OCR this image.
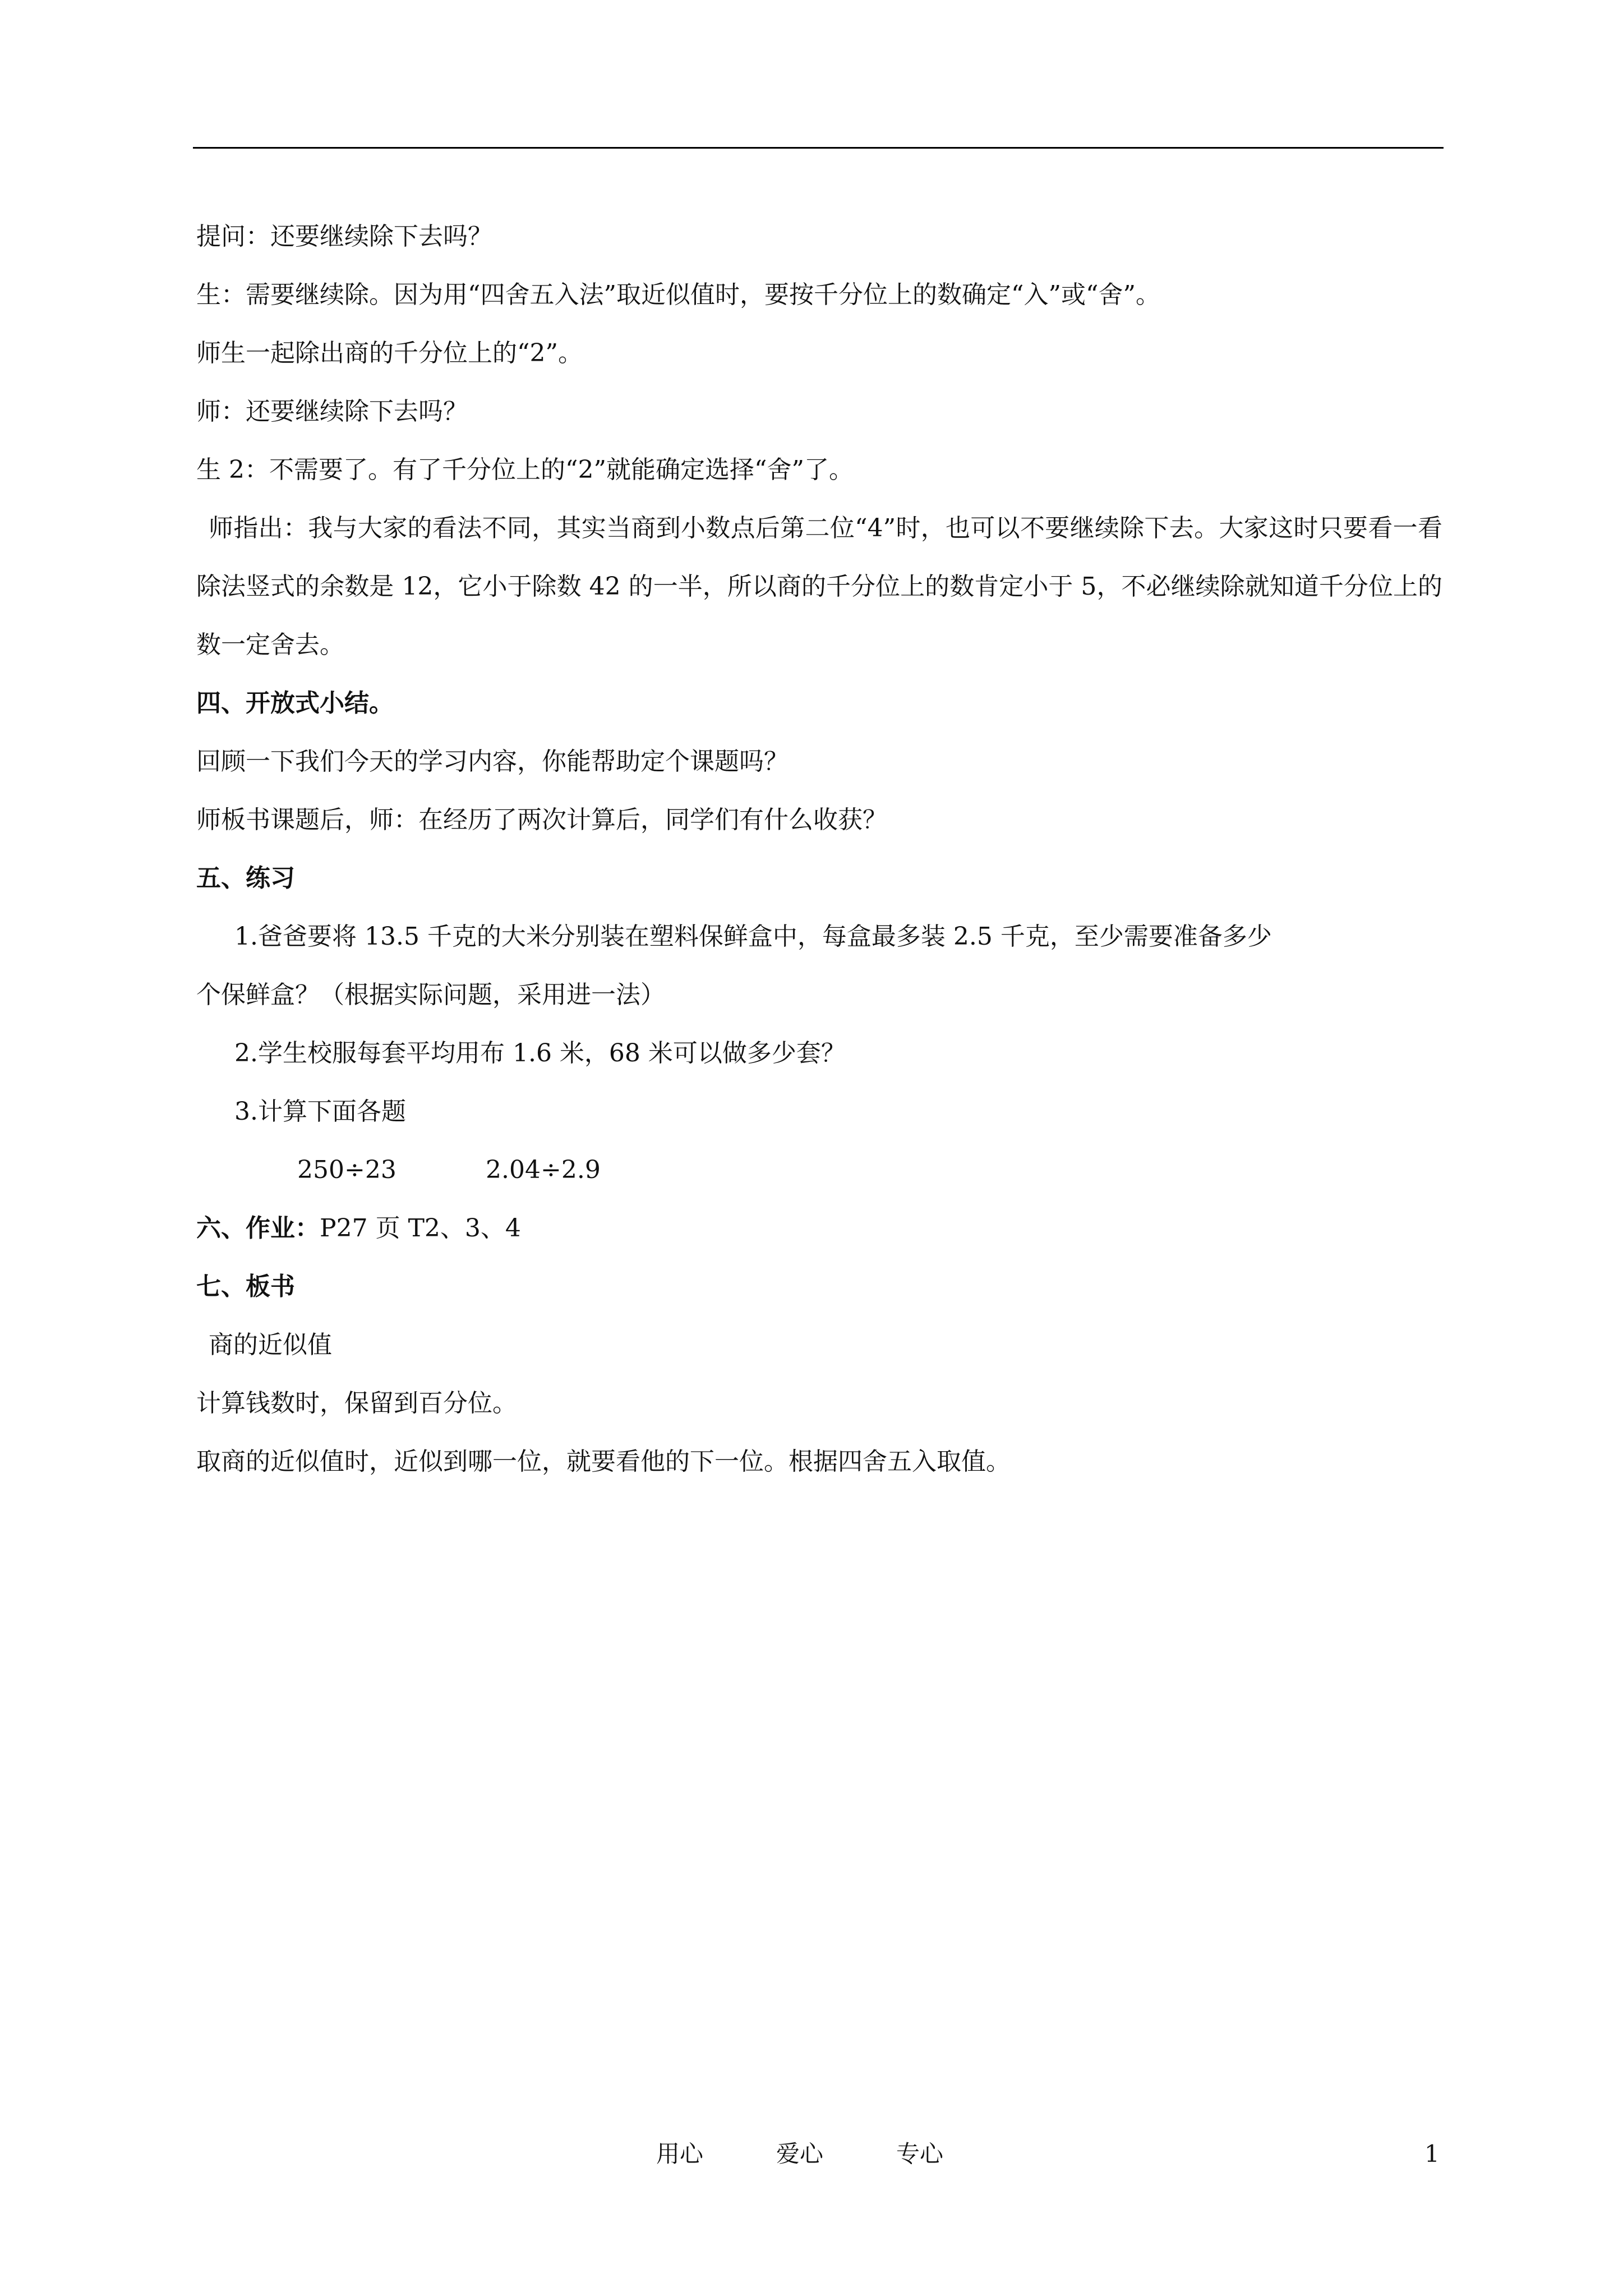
提问：还要继续除下去吗？

生：需要继续除。因为用“四舍五入法”取近似值时，要按千分位上的数确定“入”或“舍”。

师生一起除出商的千分位上的“2”。

师：还要继续除下去吗？

生 2：不需要了。有了千分位上的“2”就能确定选择“舍”了。

师指出：我与大家的看法不同，其实当商到小数点后第二位“4”时，也可以不要继续除下去。大家这时只要看一看除法竖式的余数是 12，它小于除数 42 的一半，所以商的千分位上的数肯定小于 5，不必继续除就知道千分位上的数一定舍去。

四、开放式小结。

回顾一下我们今天的学习内容，你能帮助定个课题吗？

师板书课题后，师：在经历了两次计算后，同学们有什么收获？

五、练习

1.爸爸要将 13.5 千克的大米分别装在塑料保鲜盒中，每盒最多装 2.5 千克，至少需要准备多少

个保鲜盒？（根据实际问题，采用进一法）

2.学生校服每套平均用布 1.6 米，68 米可以做多少套？

3.计算下面各题

250÷23	2.04÷2.9

六、作业：P27 页 T2、3、4

七、板书

商的近似值

计算钱数时，保留到百分位。

取商的近似值时，近似到哪一位，就要看他的下一位。根据四舍五入取值。

用心	爱心	专心	1
